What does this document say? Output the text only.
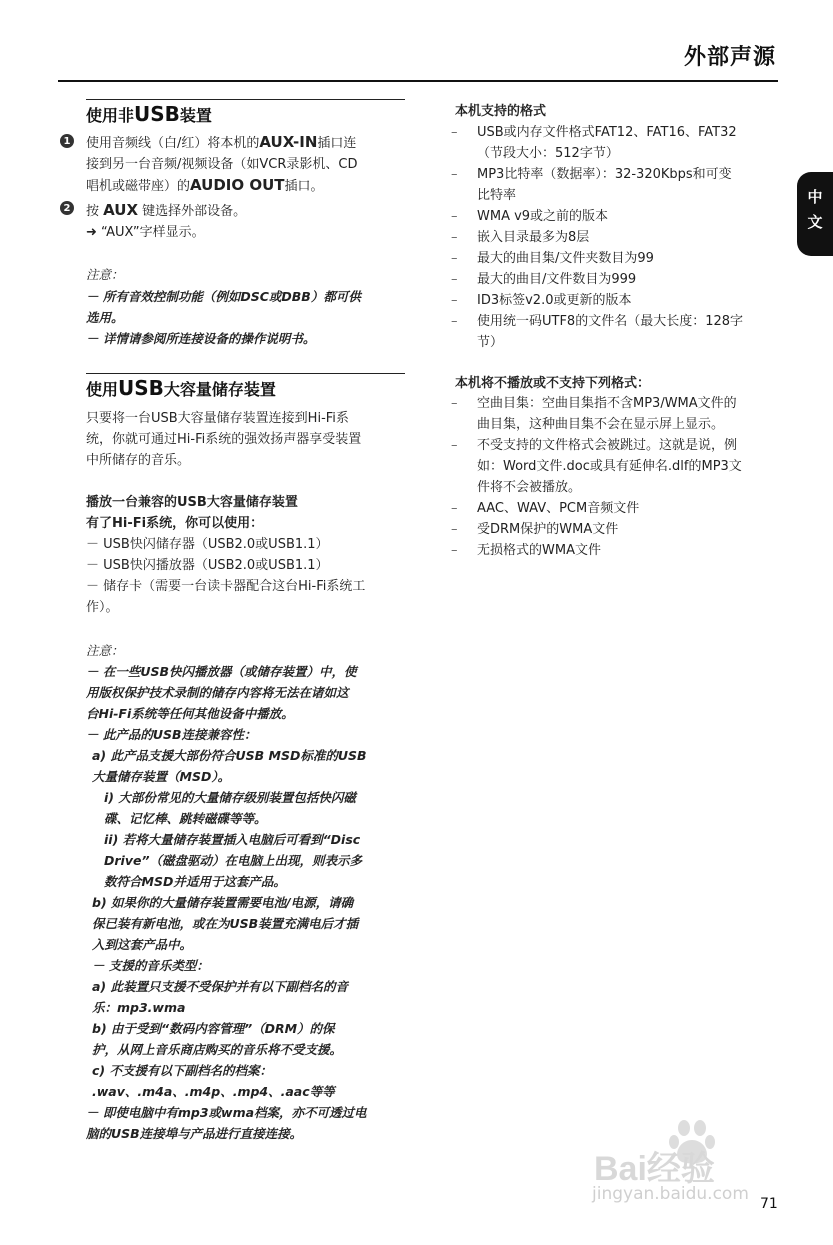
外部声源
中文
使用非USB装置
1 使用音频线（白/红）将本机的AUX-IN插口连
接到另一台音频/视频设备（如VCR录影机、CD
唱机或磁带座）的AUDIO OUT插口。
2 按 AUX 键选择外部设备。
➜ “AUX”字样显示。
注意：
－ 所有音效控制功能（例如DSC或DBB）都可供
选用。
－ 详情请参阅所连接设备的操作说明书。
使用USB大容量储存装置
只要将一台USB大容量储存装置连接到Hi-Fi系
统，你就可通过Hi-Fi系统的强效扬声器享受装置
中所储存的音乐。
播放一台兼容的USB大容量储存装置
有了Hi-Fi系统，你可以使用：
－ USB快闪储存器（USB2.0或USB1.1）
－ USB快闪播放器（USB2.0或USB1.1）
－ 储存卡（需要一台读卡器配合这台Hi-Fi系统工
作）。
注意：
－ 在一些USB快闪播放器（或储存装置）中，使
用版权保护技术录制的储存内容将无法在诸如这
台Hi-Fi系统等任何其他设备中播放。
－ 此产品的USB连接兼容性：
a) 此产品支援大部份符合USB MSD标准的USB
大量储存装置（MSD）。
i) 大部份常见的大量储存级别装置包括快闪磁
碟、记忆棒、跳转磁碟等等。
ii) 若将大量储存装置插入电脑后可看到“Disc
Drive”（磁盘驱动）在电脑上出现，则表示多
数符合MSD并适用于这套产品。
b) 如果你的大量储存装置需要电池/电源，请确
保已装有新电池，或在为USB装置充满电后才插
入到这套产品中。
－ 支援的音乐类型：
a) 此装置只支援不受保护并有以下副档名的音
乐：mp3.wma
b) 由于受到“数码内容管理”（DRM）的保
护，从网上音乐商店购买的音乐将不受支援。
c) 不支援有以下副档名的档案：
.wav、.m4a、.m4p、.mp4、.aac等等
－ 即使电脑中有mp3或wma档案，亦不可透过电
脑的USB连接埠与产品进行直接连接。
本机支持的格式
–	USB或内存文件格式FAT12、FAT16、FAT32
（节段大小：512字节）
–	MP3比特率（数据率）：32-320Kbps和可变
比特率
–	WMA v9或之前的版本
–	嵌入目录最多为8层
–	最大的曲目集/文件夹数目为99
–	最大的曲目/文件数目为999
–	ID3标签v2.0或更新的版本
–	使用统一码UTF8的文件名（最大长度：128字
节）
本机将不播放或不支持下列格式：
–	空曲目集：空曲目集指不含MP3/WMA文件的
曲目集，这种曲目集不会在显示屏上显示。
–	不受支持的文件格式会被跳过。这就是说，例
如：Word文件.doc或具有延伸名.dlf的MP3文
件将不会被播放。
–	AAC、WAV、PCM音频文件
–	受DRM保护的WMA文件
–	无损格式的WMA文件
Bai经验
jingyan.baidu.com 71
